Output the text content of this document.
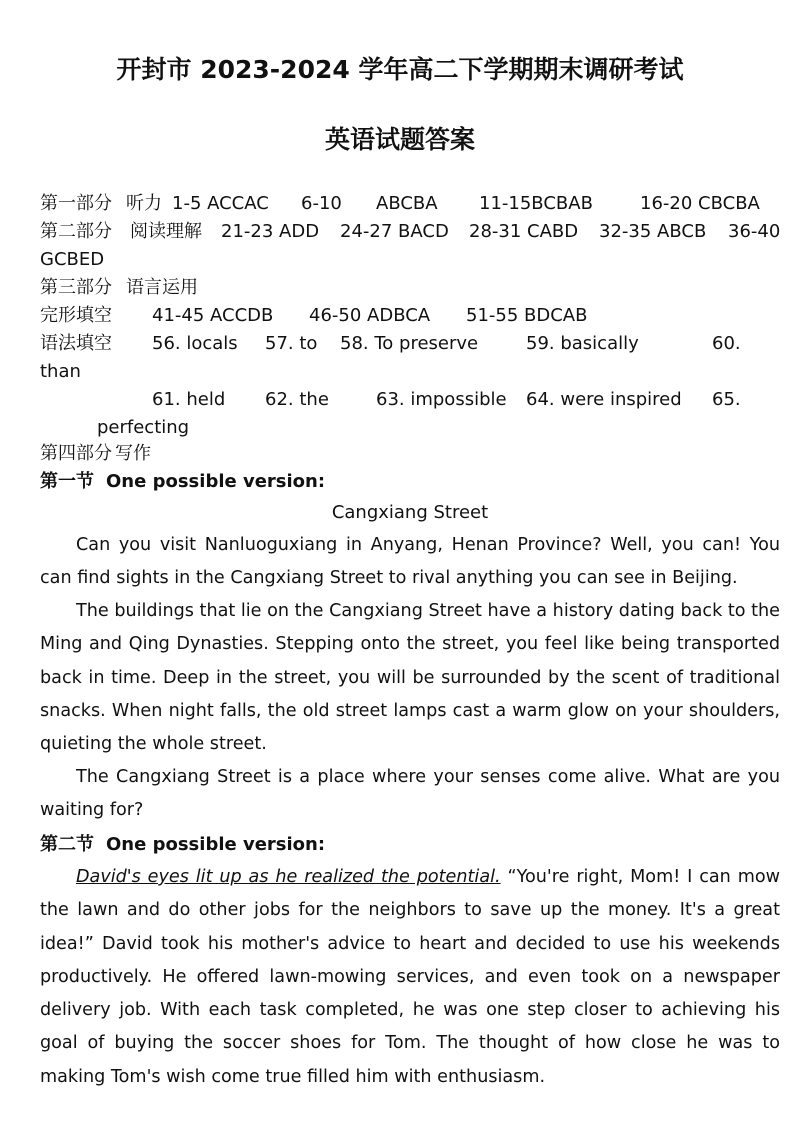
开封市 2023-2024 学年高二下学期期末调研考试
英语试题答案
第一部分 听力 1-5 ACCAC 6-10 ABCBA 11-15BCBAB	16-20 CBCBA
第二部分 阅读理解 21-23 ADD 24-27 BACD 28-31 CABD 32-35 ABCB 36-40
GCBED
第三部分 语言运用
完形填空 41-45 ACCDB 46-50 ADBCA 51-55 BDCAB
语法填空 56. locals 57. to 58. To preserve	59. basically	60.
than
61. held 62. the	63. impossible 64. were inspired 65.
perfecting
第四部分 写作
第一节 One possible version:
Cangxiang Street
Can you visit Nanluoguxiang in Anyang, Henan Province? Well, you can! You can find sights in the Cangxiang Street to rival anything you can see in Beijing.
The buildings that lie on the Cangxiang Street have a history dating back to the Ming and Qing Dynasties. Stepping onto the street, you feel like being transported back in time. Deep in the street, you will be surrounded by the scent of traditional snacks. When night falls, the old street lamps cast a warm glow on your shoulders, quieting the whole street.
The Cangxiang Street is a place where your senses come alive. What are you waiting for?
第二节 One possible version:
David's eyes lit up as he realized the potential. “You're right, Mom! I can mow the lawn and do other jobs for the neighbors to save up the money. It's a great idea!” David took his mother's advice to heart and decided to use his weekends productively. He offered lawn-mowing services, and even took on a newspaper delivery job. With each task completed, he was one step closer to achieving his goal of buying the soccer shoes for Tom. The thought of how close he was to making Tom's wish come true filled him with enthusiasm.
